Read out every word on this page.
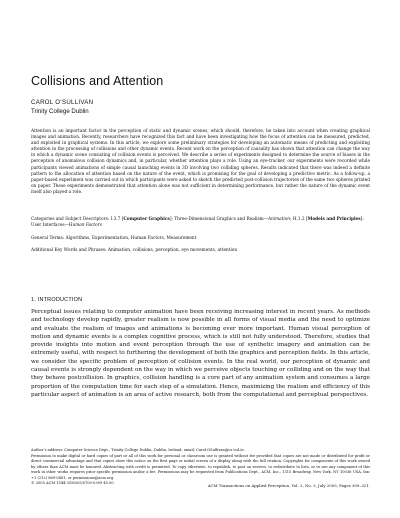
Collisions and Attention
CAROL O’SULLIVAN
Trinity College Dublin

Attention is an important factor in the perception of static and dynamic scenes, which should, therefore, be taken into account when creating graphical images and animation. Recently, researchers have recognized this fact and have been investigating how the focus of attention can be measured, predicted, and exploited in graphical systems. In this article, we explore some preliminary strategies for developing an automatic means of predicting and exploiting attention in the processing of collisions and other dynamic events. Recent work on the perception of causality has shown that attention can change the way in which a dynamic scene consisting of collision events is perceived. We describe a series of experiments designed to determine the source of biases in the perception of anomalous collision dynamics and, in particular, whether attention plays a role. Using an eye-tracker, our experiments were recorded while participants viewed animations of simple causal launching events in 3D involving two colliding spheres. Results indicated that there was indeed a definite pattern to the allocation of attention based on the nature of the event, which is promising for the goal of developing a predictive metric. As a follow-up, a paper-based experiment was carried out in which participants were asked to sketch the predicted post-collision trajectories of the same two spheres printed on paper. These experiments demonstrated that attention alone was not sufficient in determining performance, but rather the nature of the dynamic event itself also played a role.

Categories and Subject Descriptors: I.3.7 [Computer Graphics]: Three-Dimensional Graphics and Realism—Animation; H.1.2 [Models and Principles]: User Interfaces—Human Factors

General Terms: Algorithms, Experimentation, Human Factors, Measurement

Additional Key Words and Phrases: Animation, collisions, perception, eye movements, attention

1. INTRODUCTION

Perceptual issues relating to computer animation have been receiving increasing interest in recent years. As methods and technology develop rapidly, greater realism is now possible in all forms of visual media and the need to optimize and evaluate the realism of images and animations is becoming ever more important. Human visual perception of motion and dynamic events is a complex cognitive process, which is still not fully understood. Therefore, studies that provide insights into motion and event perception through the use of synthetic imagery and animation can be extremely useful, with respect to furthering the development of both the graphics and perception fields. In this article, we consider the specific problem of perception of collision events. In the real world, our perception of dynamic and causal events is strongly dependent on the way in which we perceive objects touching or colliding and on the way that they behave postcollision. In graphics, collision handling is a core part of any animation system and consumes a large proportion of the computation time for each step of a simulation. Hence, maximizing the realism and efficiency of this particular aspect of animation is an area of active research, both from the computational and perceptual perspectives.

Author’s address: Computer Science Dept., Trinity College Dublin, Dublin, Ireland; email: Carol.OSullivan@cs.tcd.ie.
Permission to make digital or hard copies of part or all of this work for personal or classroom use is granted without fee provided that copies are not made or distributed for profit or direct commercial advantage and that copies show this notice on the first page or initial screen of a display along with the full citation. Copyrights for components of this work owned by others than ACM must be honored. Abstracting with credit is permitted. To copy otherwise, to republish, to post on servers, to redistribute to lists, or to use any component of this work in other works requires prior specific permission and/or a fee. Permissions may be requested from Publications Dept., ACM, Inc., 1515 Broadway, New York, NY 10036 USA, fax: +1 (212) 869-0481, or permissions@acm.org.
© 2005 ACM 1544-3558/05/0700-0309 $5.00	ACM Transactions on Applied Perception, Vol. 2, No. 3, July 2005, Pages 309–321.
